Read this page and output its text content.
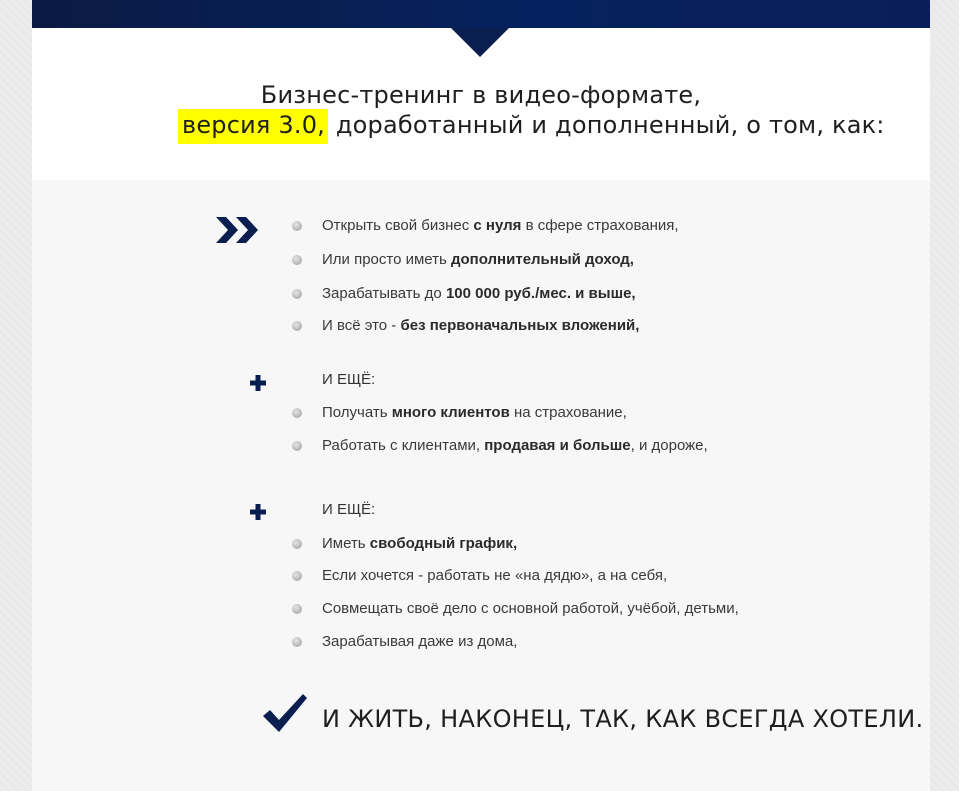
Бизнес-тренинг в видео-формате,
версия 3.0, доработанный и дополненный, о том, как:
Открыть свой бизнес с нуля в сфере страхования,
Или просто иметь дополнительный доход,
Зарабатывать до 100 000 руб./мес. и выше,
И всё это - без первоначальных вложений,
И ЕЩЁ:
Получать много клиентов на страхование,
Работать с клиентами, продавая и больше, и дороже,
И ЕЩЁ:
Иметь свободный график,
Если хочется - работать не «на дядю», а на себя,
Совмещать своё дело с основной работой, учёбой, детьми,
Зарабатывая даже из дома,
И ЖИТЬ, НАКОНЕЦ, ТАК, КАК ВСЕГДА ХОТЕЛИ.
